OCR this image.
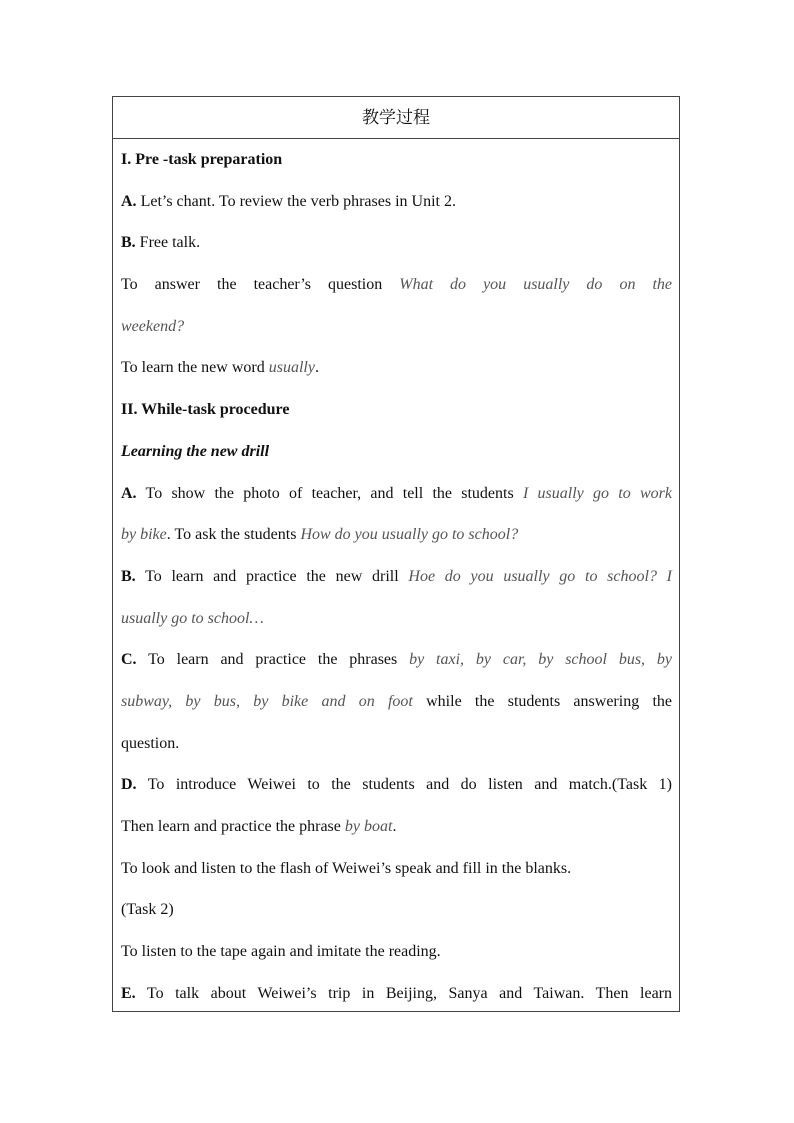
教学过程
I. Pre -task preparation
A. Let’s chant. To review the verb phrases in Unit 2.
B. Free talk.
To answer the teacher’s question What do you usually do on the
weekend?
To learn the new word usually.
II. While-task procedure
Learning the new drill
A. To show the photo of teacher, and tell the students I usually go to work
by bike. To ask the students How do you usually go to school?
B. To learn and practice the new drill Hoe do you usually go to school? I
usually go to school…
C. To learn and practice the phrases by taxi, by car, by school bus, by
subway, by bus, by bike and on foot while the students answering the
question.
D. To introduce Weiwei to the students and do listen and match.(Task 1)
Then learn and practice the phrase by boat.
To look and listen to the flash of Weiwei’s speak and fill in the blanks.
(Task 2)
To listen to the tape again and imitate the reading.
E. To talk about Weiwei’s trip in Beijing, Sanya and Taiwan. Then learn
